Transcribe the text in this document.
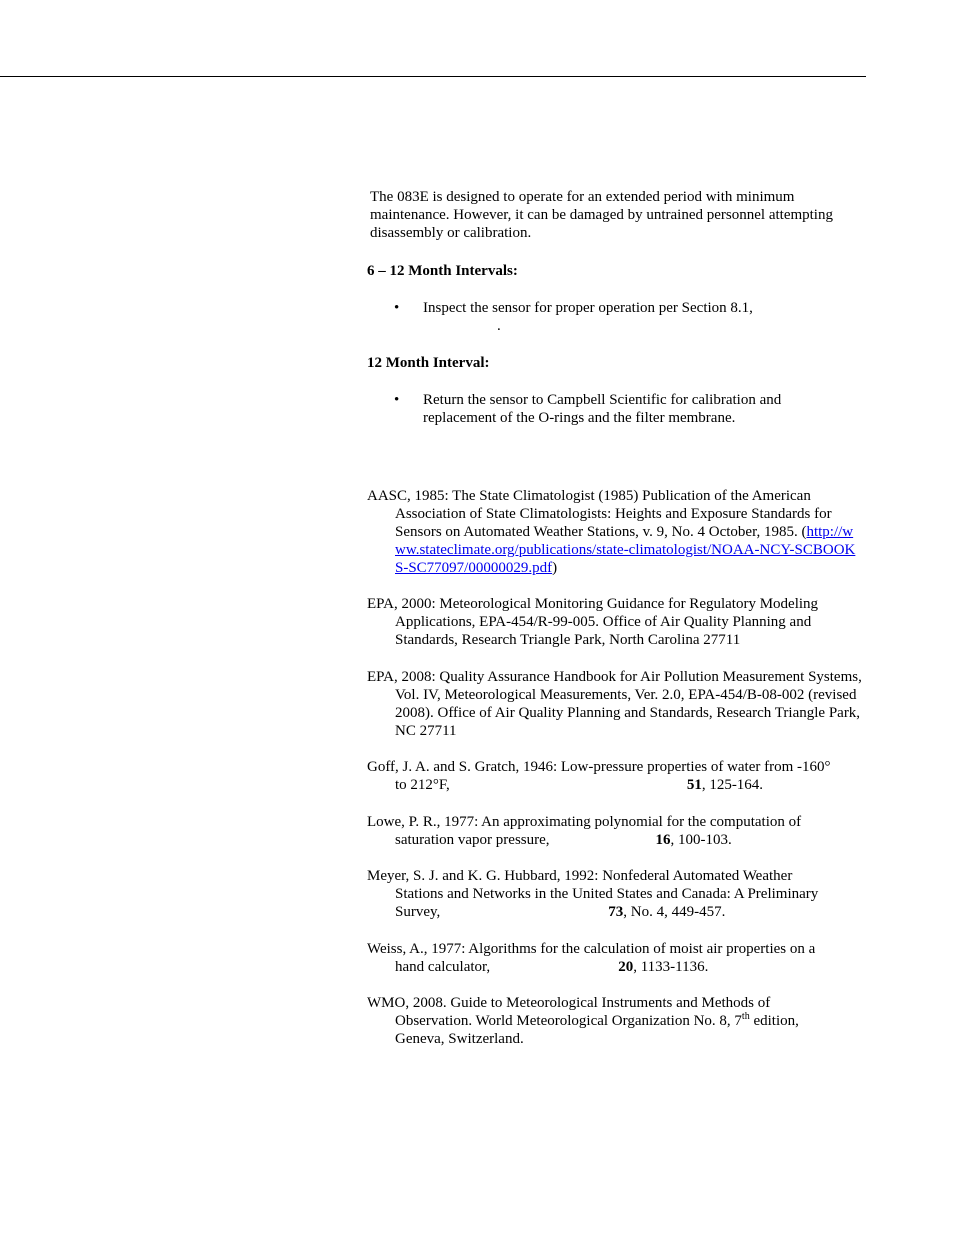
The 083E is designed to operate for an extended period with minimum maintenance. However, it can be damaged by untrained personnel attempting disassembly or calibration.

6 – 12 Month Intervals:

•	Inspect the sensor for proper operation per Section 8.1,
.

12 Month Interval:

•	Return the sensor to Campbell Scientific for calibration and replacement of the O-rings and the filter membrane.

AASC, 1985: The State Climatologist (1985) Publication of the American Association of State Climatologists: Heights and Exposure Standards for Sensors on Automated Weather Stations, v. 9, No. 4 October, 1985. (http://www.stateclimate.org/publications/state-climatologist/NOAA-NCY-SCBOOKS-SC77097/00000029.pdf)

EPA, 2000: Meteorological Monitoring Guidance for Regulatory Modeling Applications, EPA-454/R-99-005. Office of Air Quality Planning and Standards, Research Triangle Park, North Carolina 27711

EPA, 2008: Quality Assurance Handbook for Air Pollution Measurement Systems, Vol. IV, Meteorological Measurements, Ver. 2.0, EPA-454/B-08-002 (revised 2008). Office of Air Quality Planning and Standards, Research Triangle Park, NC 27711

Goff, J. A. and S. Gratch, 1946: Low-pressure properties of water from -160°
to 212°F,	51, 125-164.
Lowe, P. R., 1977: An approximating polynomial for the computation of
saturation vapor pressure,	16, 100-103.
Meyer, S. J. and K. G. Hubbard, 1992: Nonfederal Automated Weather
Stations and Networks in the United States and Canada: A Preliminary
Survey,	73, No. 4, 449-457.
Weiss, A., 1977: Algorithms for the calculation of moist air properties on a
hand calculator,	20, 1133-1136.
WMO, 2008. Guide to Meteorological Instruments and Methods of
Observation. World Meteorological Organization No. 8, 7th edition,
Geneva, Switzerland.
